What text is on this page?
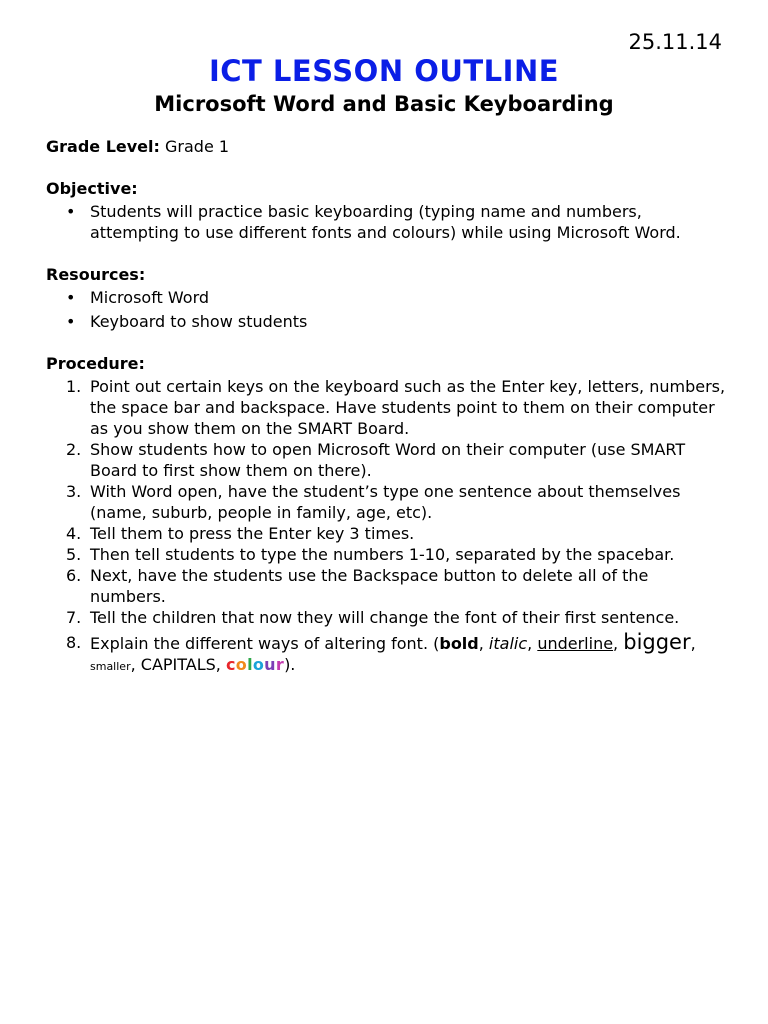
25.11.14
ICT LESSON OUTLINE
Microsoft Word and Basic Keyboarding

Grade Level: Grade 1

Objective:
• Students will practice basic keyboarding (typing name and numbers, attempting to use different fonts and colours) while using Microsoft Word.
Resources:
• Microsoft Word
• Keyboard to show students
Procedure:
1. Point out certain keys on the keyboard such as the Enter key, letters, numbers, the space bar and backspace. Have students point to them on their computer as you show them on the SMART Board.
2. Show students how to open Microsoft Word on their computer (use SMART Board to first show them on there).
3. With Word open, have the student’s type one sentence about themselves (name, suburb, people in family, age, etc).
4. Tell them to press the Enter key 3 times.
5. Then tell students to type the numbers 1-10, separated by the spacebar.
6. Next, have the students use the Backspace button to delete all of the numbers.
7. Tell the children that now they will change the font of their first sentence.
8. Explain the different ways of altering font. (bold, italic, underline, bigger, smaller, CAPITALS, colour).
